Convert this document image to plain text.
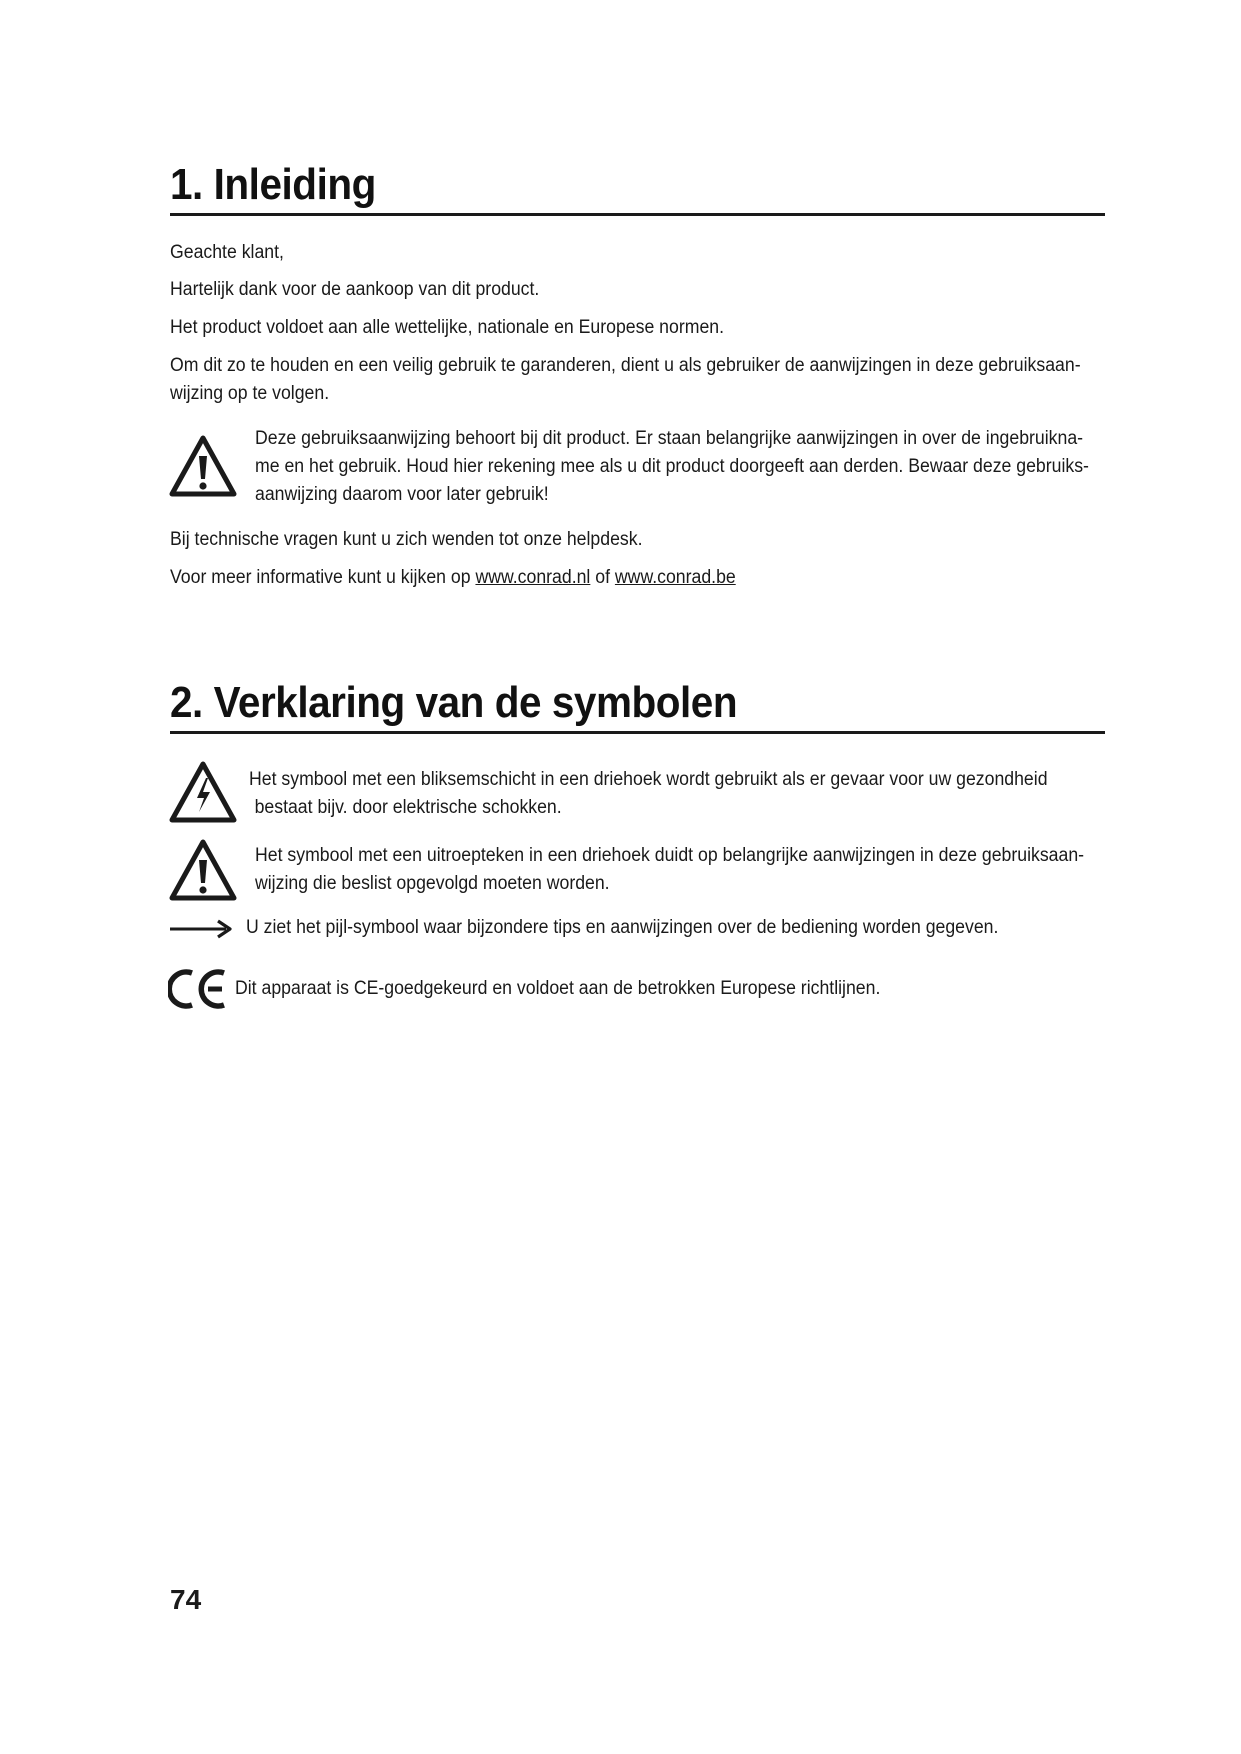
1. Inleiding
Geachte klant,
Hartelijk dank voor de aankoop van dit product.
Het product voldoet aan alle wettelijke, nationale en Europese normen.
Om dit zo te houden en een veilig gebruik te garanderen, dient u als gebruiker de aanwijzingen in deze gebruiksaan-
wijzing op te volgen.
Deze gebruiksaanwijzing behoort bij dit product. Er staan belangrijke aanwijzingen in over de ingebruikna-
me en het gebruik. Houd hier rekening mee als u dit product doorgeeft aan derden. Bewaar deze gebruiks-
aanwijzing daarom voor later gebruik!
Bij technische vragen kunt u zich wenden tot onze helpdesk.
Voor meer informative kunt u kijken op www.conrad.nl of www.conrad.be
2. Verklaring van de symbolen
Het symbool met een bliksemschicht in een driehoek wordt gebruikt als er gevaar voor uw gezondheid
bestaat bijv. door elektrische schokken.
Het symbool met een uitroepteken in een driehoek duidt op belangrijke aanwijzingen in deze gebruiksaan-
wijzing die beslist opgevolgd moeten worden.
U ziet het pijl-symbool waar bijzondere tips en aanwijzingen over de bediening worden gegeven.
CE
Dit apparaat is CE-goedgekeurd en voldoet aan de betrokken Europese richtlijnen.
74
